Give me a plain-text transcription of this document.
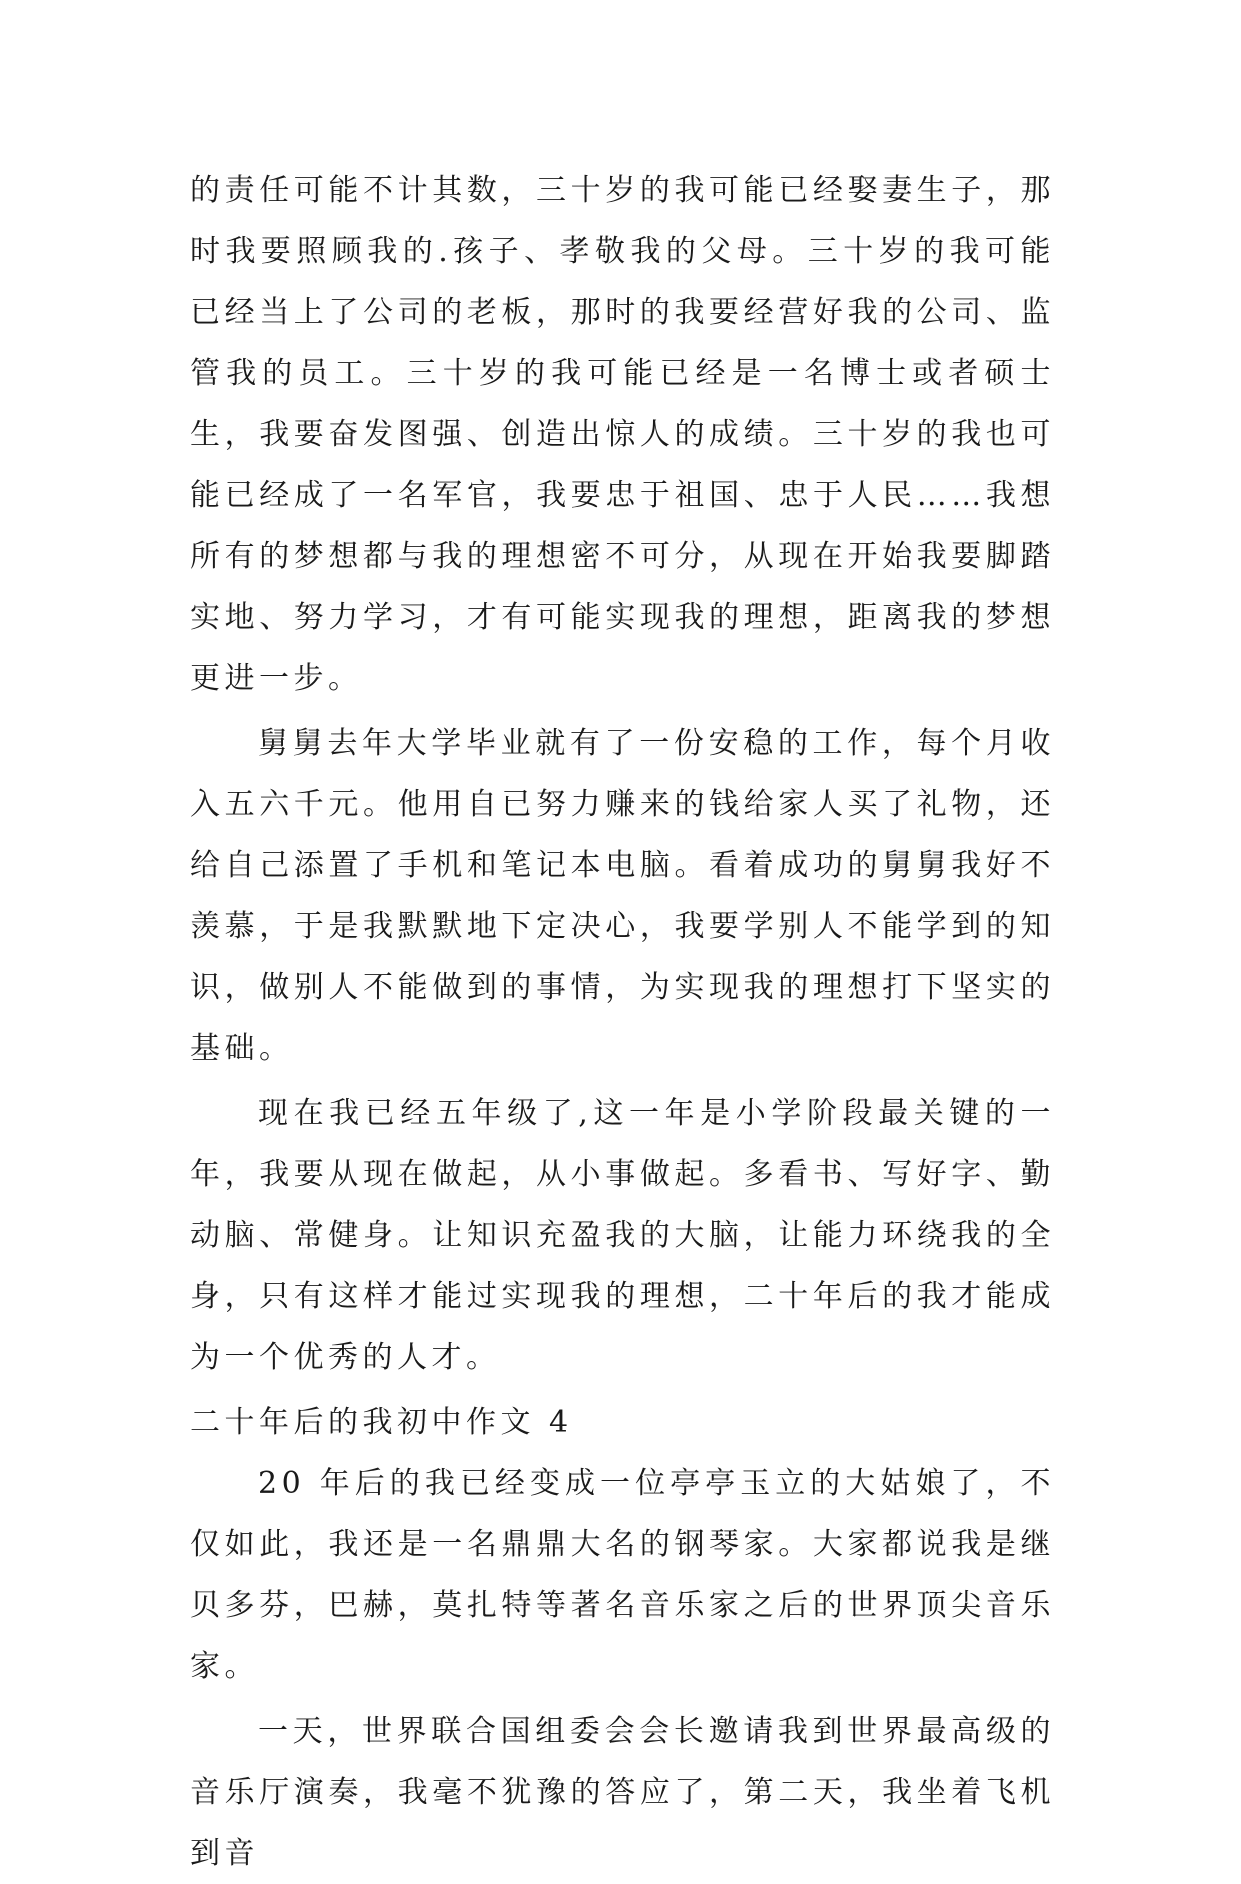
的责任可能不计其数，三十岁的我可能已经娶妻生子，那时我要照顾我的.孩子、孝敬我的父母。三十岁的我可能已经当上了公司的老板，那时的我要经营好我的公司、监管我的员工。三十岁的我可能已经是一名博士或者硕士生，我要奋发图强、创造出惊人的成绩。三十岁的我也可能已经成了一名军官，我要忠于祖国、忠于人民……我想所有的梦想都与我的理想密不可分，从现在开始我要脚踏实地、努力学习，才有可能实现我的理想，距离我的梦想更进一步。

舅舅去年大学毕业就有了一份安稳的工作，每个月收入五六千元。他用自已努力赚来的钱给家人买了礼物，还给自己添置了手机和笔记本电脑。看着成功的舅舅我好不羡慕，于是我默默地下定决心，我要学别人不能学到的知识，做别人不能做到的事情，为实现我的理想打下坚实的基础。

现在我已经五年级了,这一年是小学阶段最关键的一年，我要从现在做起，从小事做起。多看书、写好字、勤动脑、常健身。让知识充盈我的大脑，让能力环绕我的全身，只有这样才能过实现我的理想，二十年后的我才能成为一个优秀的人才。

二十年后的我初中作文 4

20 年后的我已经变成一位亭亭玉立的大姑娘了，不仅如此，我还是一名鼎鼎大名的钢琴家。大家都说我是继贝多芬，巴赫，莫扎特等著名音乐家之后的世界顶尖音乐家。

一天，世界联合国组委会会长邀请我到世界最高级的音乐厅演奏，我毫不犹豫的答应了，第二天，我坐着飞机到音
